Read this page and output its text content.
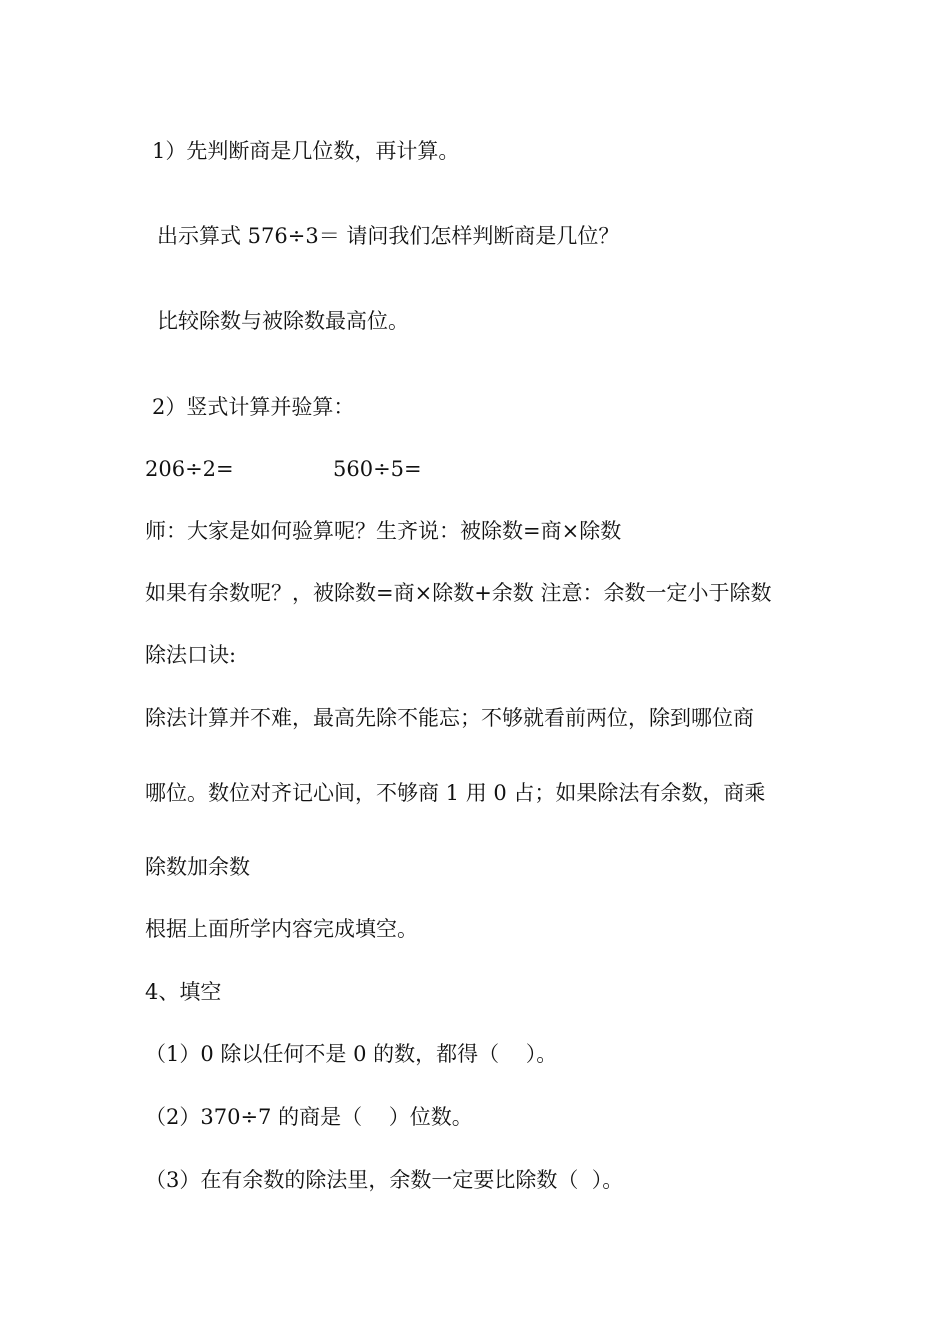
1）先判断商是几位数，再计算。
出示算式 576÷3＝ 请问我们怎样判断商是几位？
比较除数与被除数最高位。
2）竖式计算并验算：
206÷2=	560÷5=
师：大家是如何验算呢？生齐说：被除数=商×除数
如果有余数呢？，被除数=商×除数+余数 注意：余数一定小于除数
除法口诀:
除法计算并不难，最高先除不能忘；不够就看前两位，除到哪位商
哪位。数位对齐记心间，不够商 1 用 0 占；如果除法有余数，商乘
除数加余数
根据上面所学内容完成填空。
4、填空
（1）0 除以任何不是 0 的数，都得（    ）。
（2）370÷7 的商是（    ）位数。
（3）在有余数的除法里，余数一定要比除数（  ）。
